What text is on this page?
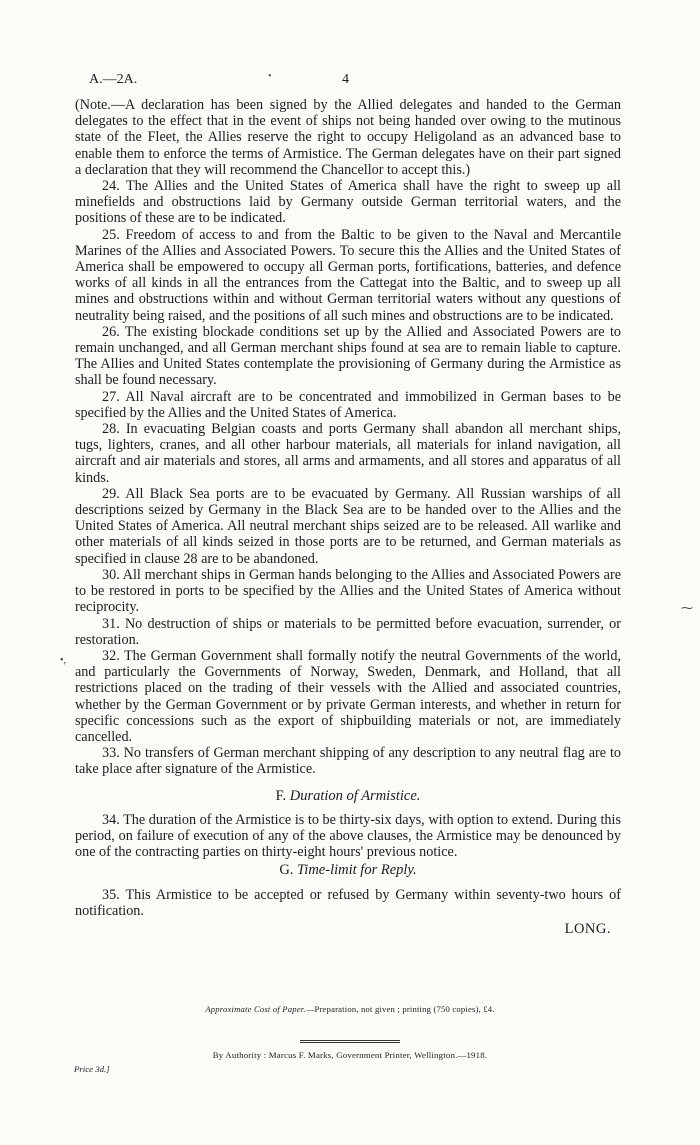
A.—2A.	•	4

(Note.—A declaration has been signed by the Allied delegates and handed to the German delegates to the effect that in the event of ships not being handed over owing to the mutinous state of the Fleet, the Allies reserve the right to occupy Heligoland as an advanced base to enable them to enforce the terms of Armistice. The German delegates have on their part signed a declaration that they will recommend the Chancellor to accept this.)

24. The Allies and the United States of America shall have the right to sweep up all minefields and obstructions laid by Germany outside German territorial waters, and the positions of these are to be indicated.

25. Freedom of access to and from the Baltic to be given to the Naval and Mercantile Marines of the Allies and Associated Powers. To secure this the Allies and the United States of America shall be empowered to occupy all German ports, fortifications, batteries, and defence works of all kinds in all the entrances from the Cattegat into the Baltic, and to sweep up all mines and obstructions within and without German territorial waters without any questions of neutrality being raised, and the positions of all such mines and obstructions are to be indicated.

26. The existing blockade conditions set up by the Allied and Associated Powers are to remain unchanged, and all German merchant ships found at sea are to remain liable to capture. The Allies and United States contemplate the provisioning of Germany during the Armistice as shall be found necessary.

27. All Naval aircraft are to be concentrated and immobilized in German bases to be specified by the Allies and the United States of America.

28. In evacuating Belgian coasts and ports Germany shall abandon all merchant ships, tugs, lighters, cranes, and all other harbour materials, all materials for inland navigation, all aircraft and air materials and stores, all arms and armaments, and all stores and apparatus of all kinds.

29. All Black Sea ports are to be evacuated by Germany. All Russian warships of all descriptions seized by Germany in the Black Sea are to be handed over to the Allies and the United States of America. All neutral merchant ships seized are to be released. All warlike and other materials of all kinds seized in those ports are to be returned, and German materials as specified in clause 28 are to be abandoned.

30. All merchant ships in German hands belonging to the Allies and Associated Powers are to be restored in ports to be specified by the Allies and the United States of America without reciprocity.

31. No destruction of ships or materials to be permitted before evacuation, surrender, or restoration.

32. The German Government shall formally notify the neutral Governments of the world, and particularly the Governments of Norway, Sweden, Denmark, and Holland, that all restrictions placed on the trading of their vessels with the Allied and associated countries, whether by the German Government or by private German interests, and whether in return for specific concessions such as the export of shipbuilding materials or not, are immediately cancelled.

33. No transfers of German merchant shipping of any description to any neutral flag are to take place after signature of the Armistice.

F. Duration of Armistice.

34. The duration of the Armistice is to be thirty-six days, with option to extend. During this period, on failure of execution of any of the above clauses, the Armistice may be denounced by one of the contracting parties on thirty-eight hours' previous notice.

G. Time-limit for Reply.

35. This Armistice to be accepted or refused by Germany within seventy-two hours of notification.

LONG.
Approximate Cost of Paper.—Preparation, not given ; printing (750 copies), £4.
By Authority : Marcus F. Marks, Government Printer, Wellington.—1918.
Price 3d.]
⁓
•,
